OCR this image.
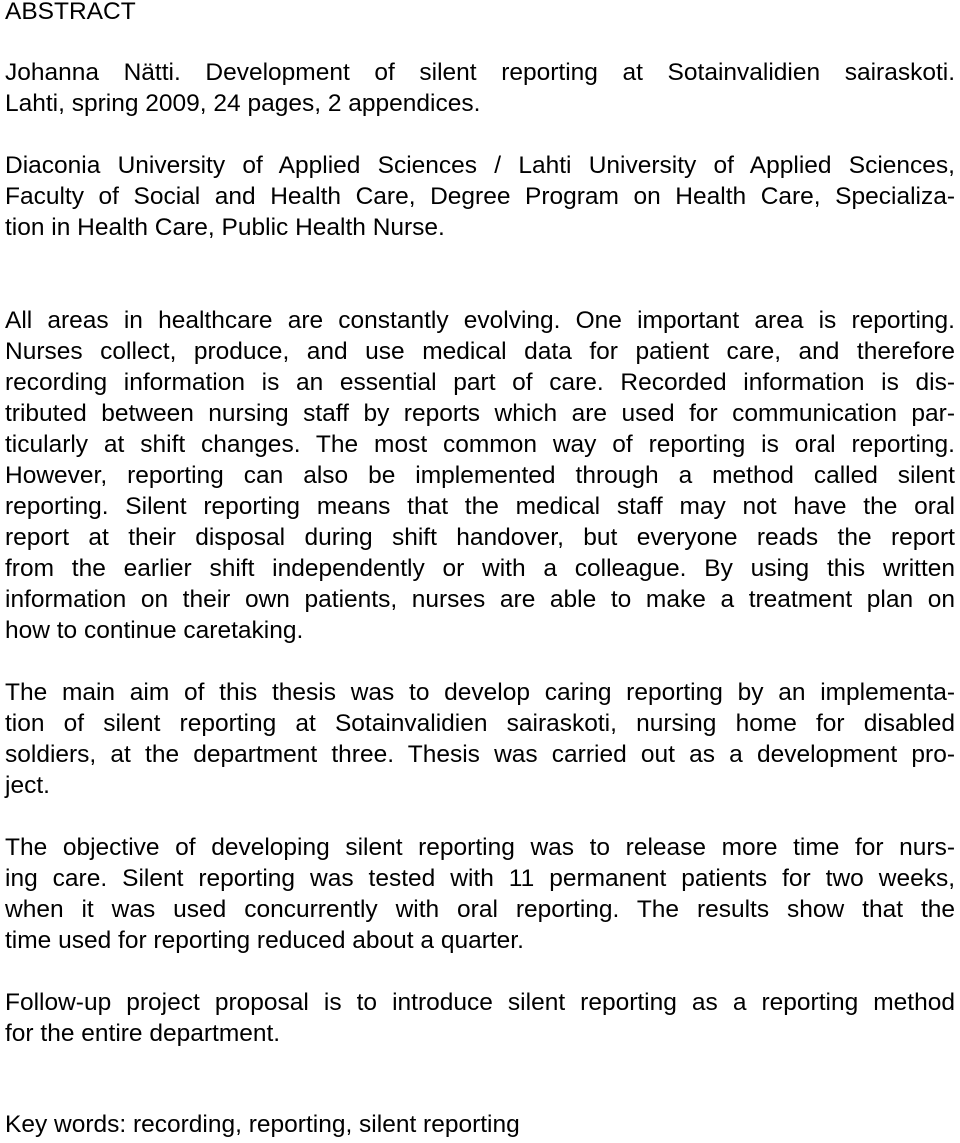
ABSTRACT

Johanna Nätti. Development of silent reporting at Sotainvalidien sairaskoti.
Lahti, spring 2009, 24 pages, 2 appendices.

Diaconia University of Applied Sciences / Lahti University of Applied Sciences,
Faculty of Social and Health Care, Degree Program on Health Care, Specializa-
tion in Health Care, Public Health Nurse.

All areas in healthcare are constantly evolving. One important area is reporting.
Nurses collect, produce, and use medical data for patient care, and therefore
recording information is an essential part of care. Recorded information is dis-
tributed between nursing staff by reports which are used for communication par-
ticularly at shift changes. The most common way of reporting is oral reporting.
However, reporting can also be implemented through a method called silent
reporting. Silent reporting means that the medical staff may not have the oral
report at their disposal during shift handover, but everyone reads the report
from the earlier shift independently or with a colleague. By using this written
information on their own patients, nurses are able to make a treatment plan on
how to continue caretaking.

The main aim of this thesis was to develop caring reporting by an implementa-
tion of silent reporting at Sotainvalidien sairaskoti, nursing home for disabled
soldiers, at the department three. Thesis was carried out as a development pro-
ject.

The objective of developing silent reporting was to release more time for nurs-
ing care. Silent reporting was tested with 11 permanent patients for two weeks,
when it was used concurrently with oral reporting. The results show that the
time used for reporting reduced about a quarter.

Follow-up project proposal is to introduce silent reporting as a reporting method
for the entire department.

Key words: recording, reporting, silent reporting
